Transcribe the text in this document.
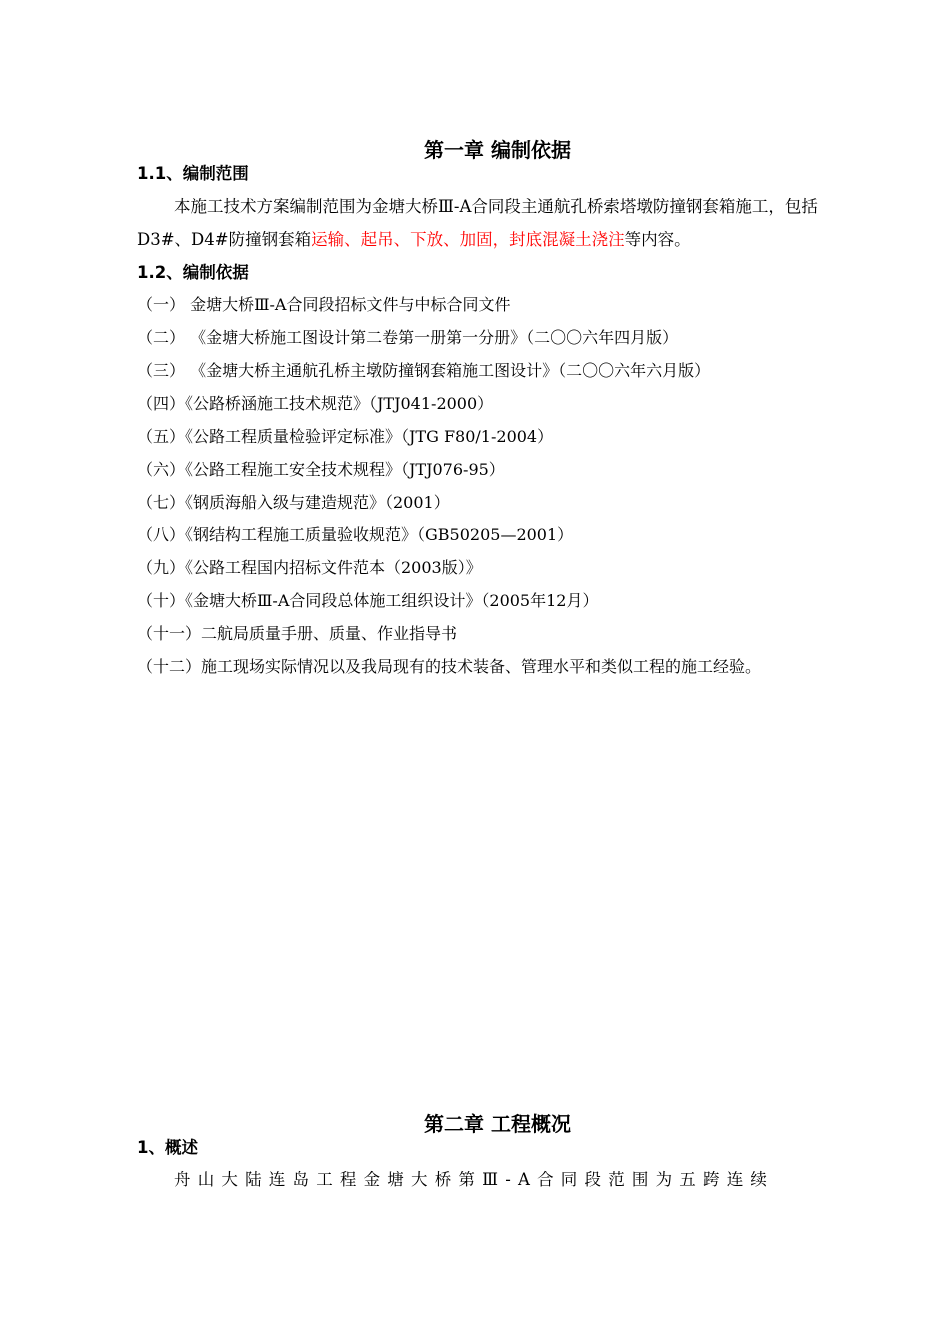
第一章 编制依据
1.1、编制范围
本施工技术方案编制范围为金塘大桥Ⅲ-A合同段主通航孔桥索塔墩防撞钢套箱施工，包括D3#、D4#防撞钢套箱运输、起吊、下放、加固，封底混凝土浇注等内容。
1.2、编制依据
（一） 金塘大桥Ⅲ-A合同段招标文件与中标合同文件
（二） 《金塘大桥施工图设计第二卷第一册第一分册》（二〇〇六年四月版）
（三） 《金塘大桥主通航孔桥主墩防撞钢套箱施工图设计》（二〇〇六年六月版）
（四）《公路桥涵施工技术规范》（JTJ041-2000）
（五）《公路工程质量检验评定标准》（JTG F80/1-2004）
（六）《公路工程施工安全技术规程》（JTJ076-95）
（七）《钢质海船入级与建造规范》（2001）
（八）《钢结构工程施工质量验收规范》（GB50205—2001）
（九）《公路工程国内招标文件范本（2003版）》
（十）《金塘大桥Ⅲ-A合同段总体施工组织设计》（2005年12月）
（十一）二航局质量手册、质量、作业指导书
（十二）施工现场实际情况以及我局现有的技术装备、管理水平和类似工程的施工经验。
第二章 工程概况
1、概述
舟山大陆连岛工程金塘大桥第Ⅲ-A合同段范围为五跨连续
